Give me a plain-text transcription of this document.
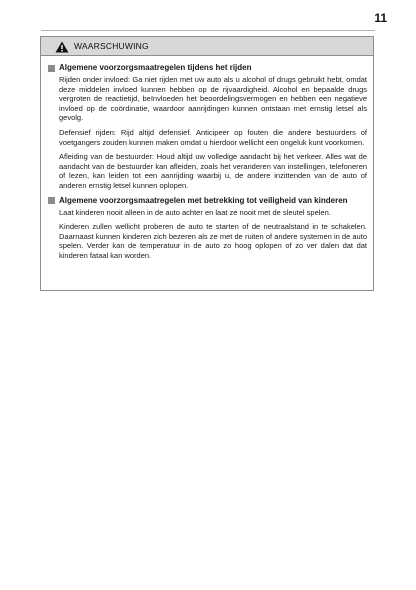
11
WAARSCHUWING
Algemene voorzorgsmaatregelen tijdens het rijden

Rijden onder invloed: Ga niet rijden met uw auto als u alcohol of drugs gebruikt hebt, omdat deze middelen invloed kunnen hebben op de rijvaardigheid. Alcohol en bepaalde drugs vergroten de reactietijd, beïnvloeden het beoordelingsvermogen en hebben een negatieve invloed op de coördinatie, waardoor aanrijdingen kunnen ontstaan met ernstig letsel als gevolg.

Defensief rijden: Rijd altijd defensief. Anticipeer op fouten die andere bestuurders of voetgangers zouden kunnen maken omdat u hierdoor wellicht een ongeluk kunt voorkomen.

Afleiding van de bestuurder: Houd altijd uw volledige aandacht bij het verkeer. Alles wat de aandacht van de bestuurder kan afleiden, zoals het veranderen van instellingen, telefoneren of lezen, kan leiden tot een aanrijding waarbij u, de andere inzittenden van de auto of anderen ernstig letsel kunnen oplopen.

Algemene voorzorgsmaatregelen met betrekking tot veiligheid van kinderen

Laat kinderen nooit alleen in de auto achter en laat ze nooit met de sleutel spelen.

Kinderen zullen wellicht proberen de auto te starten of de neutraalstand in te schakelen. Daarnaast kunnen kinderen zich bezeren als ze met de ruiten of andere systemen in de auto spelen. Verder kan de temperatuur in de auto zo hoog oplopen of zo ver dalen dat dat kinderen fataal kan worden.
